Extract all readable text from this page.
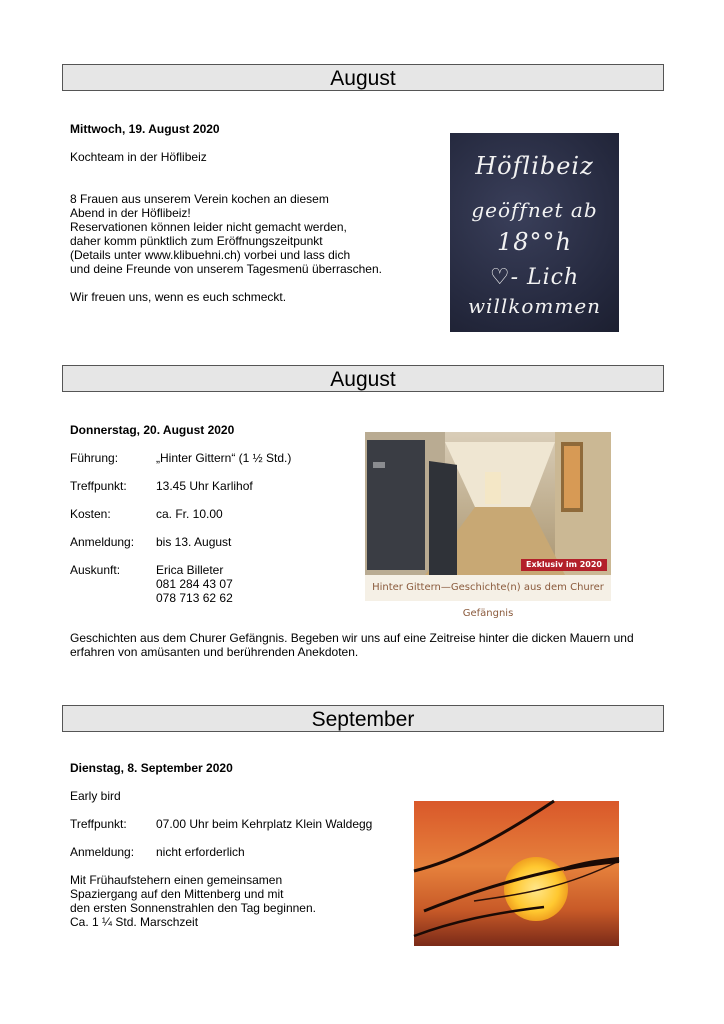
August
Mittwoch, 19. August 2020
Kochteam in der Höflibeiz
8 Frauen aus unserem Verein kochen an diesem
Abend in der Höflibeiz!
Reservationen können leider nicht gemacht werden,
daher komm pünktlich zum Eröffnungszeitpunkt
(Details unter www.klibuehni.ch) vorbei und lass dich
und deine Freunde von unserem Tagesmenü überraschen.
Wir freuen uns, wenn es euch schmeckt.
Höflibeiz
geöffnet ab
18°°h
♡- Lich
willkommen
August
Donnerstag, 20. August 2020
Führung:	„Hinter Gittern“ (1 ½ Std.)
Treffpunkt: 13.45 Uhr Karlihof
Kosten:	ca. Fr. 10.00
Anmeldung: bis 13. August
Auskunft:	Erica Billeter
081 284 43 07
078 713 62 62
Exklusiv im 2020
Hinter Gittern—Geschichte(n) aus dem Churer Gefängnis
Geschichten aus dem Churer Gefängnis. Begeben wir uns auf eine Zeitreise hinter die dicken Mauern und
erfahren von amüsanten und berührenden Anekdoten.
September
Dienstag, 8. September 2020
Early bird
Treffpunkt: 07.00 Uhr beim Kehrplatz Klein Waldegg
Anmeldung: nicht erforderlich
Mit Frühaufstehern einen gemeinsamen
Spaziergang auf den Mittenberg und mit
den ersten Sonnenstrahlen den Tag beginnen.
Ca. 1 ¼ Std. Marschzeit
